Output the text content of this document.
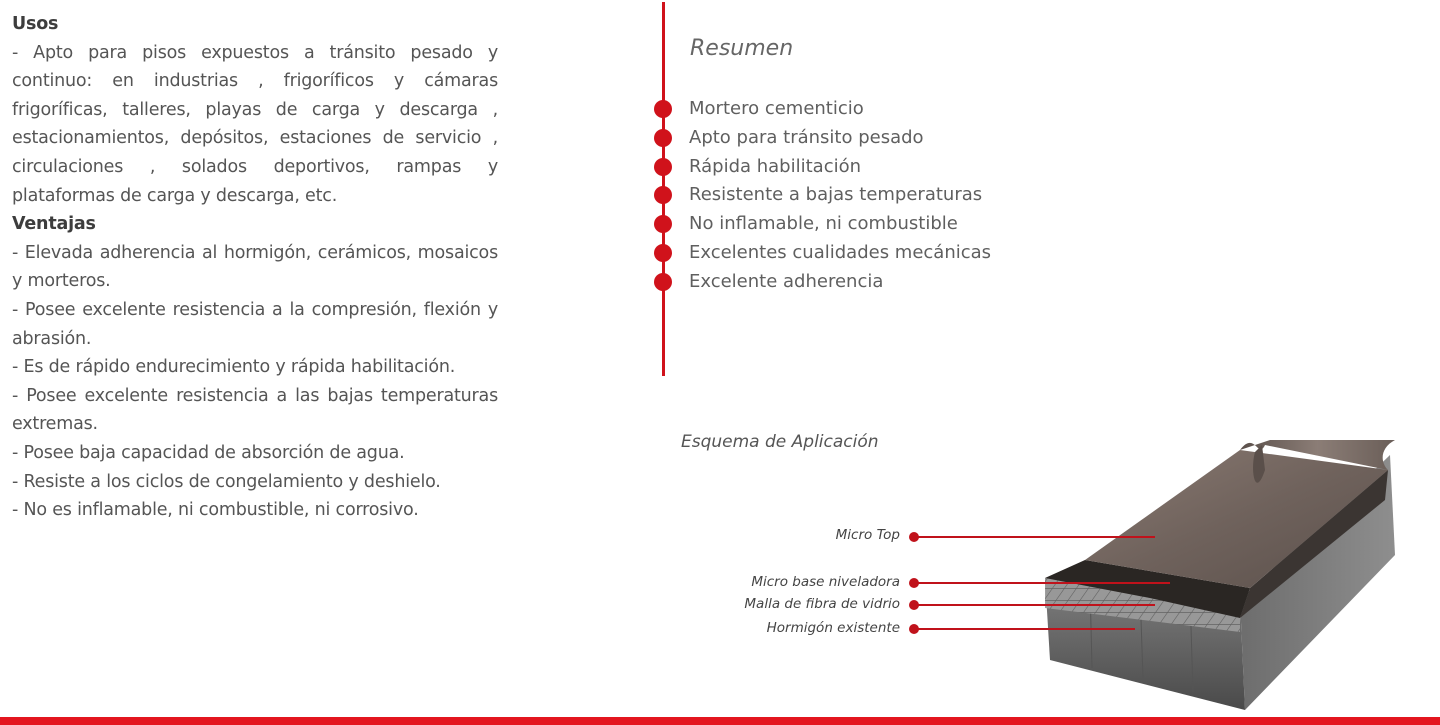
Usos

- Apto para pisos expuestos a tránsito pesado y continuo: en industrias , frigoríficos y cámaras frigoríficas, talleres, playas de carga y descarga , estacionamientos, depósitos, estaciones de servicio , circulaciones , solados deportivos, rampas y plataformas de carga y descarga, etc.

Ventajas

- Elevada adherencia al hormigón, cerámicos, mosaicos y morteros.

- Posee excelente resistencia a la compresión, flexión y abrasión.

- Es de rápido endurecimiento y rápida habilitación.

- Posee excelente resistencia a las bajas temperaturas extremas.

- Posee baja capacidad de absorción de agua.

- Resiste a los ciclos de congelamiento y deshielo.

- No es inflamable, ni combustible, ni corrosivo.

Resumen
Mortero cementicio
Apto para tránsito pesado
Rápida habilitación
Resistente a bajas temperaturas
No inflamable, ni combustible
Excelentes cualidades mecánicas
Excelente adherencia
Esquema de Aplicación
Micro Top
Micro base niveladora
Malla de fibra de vidrio
Hormigón existente
